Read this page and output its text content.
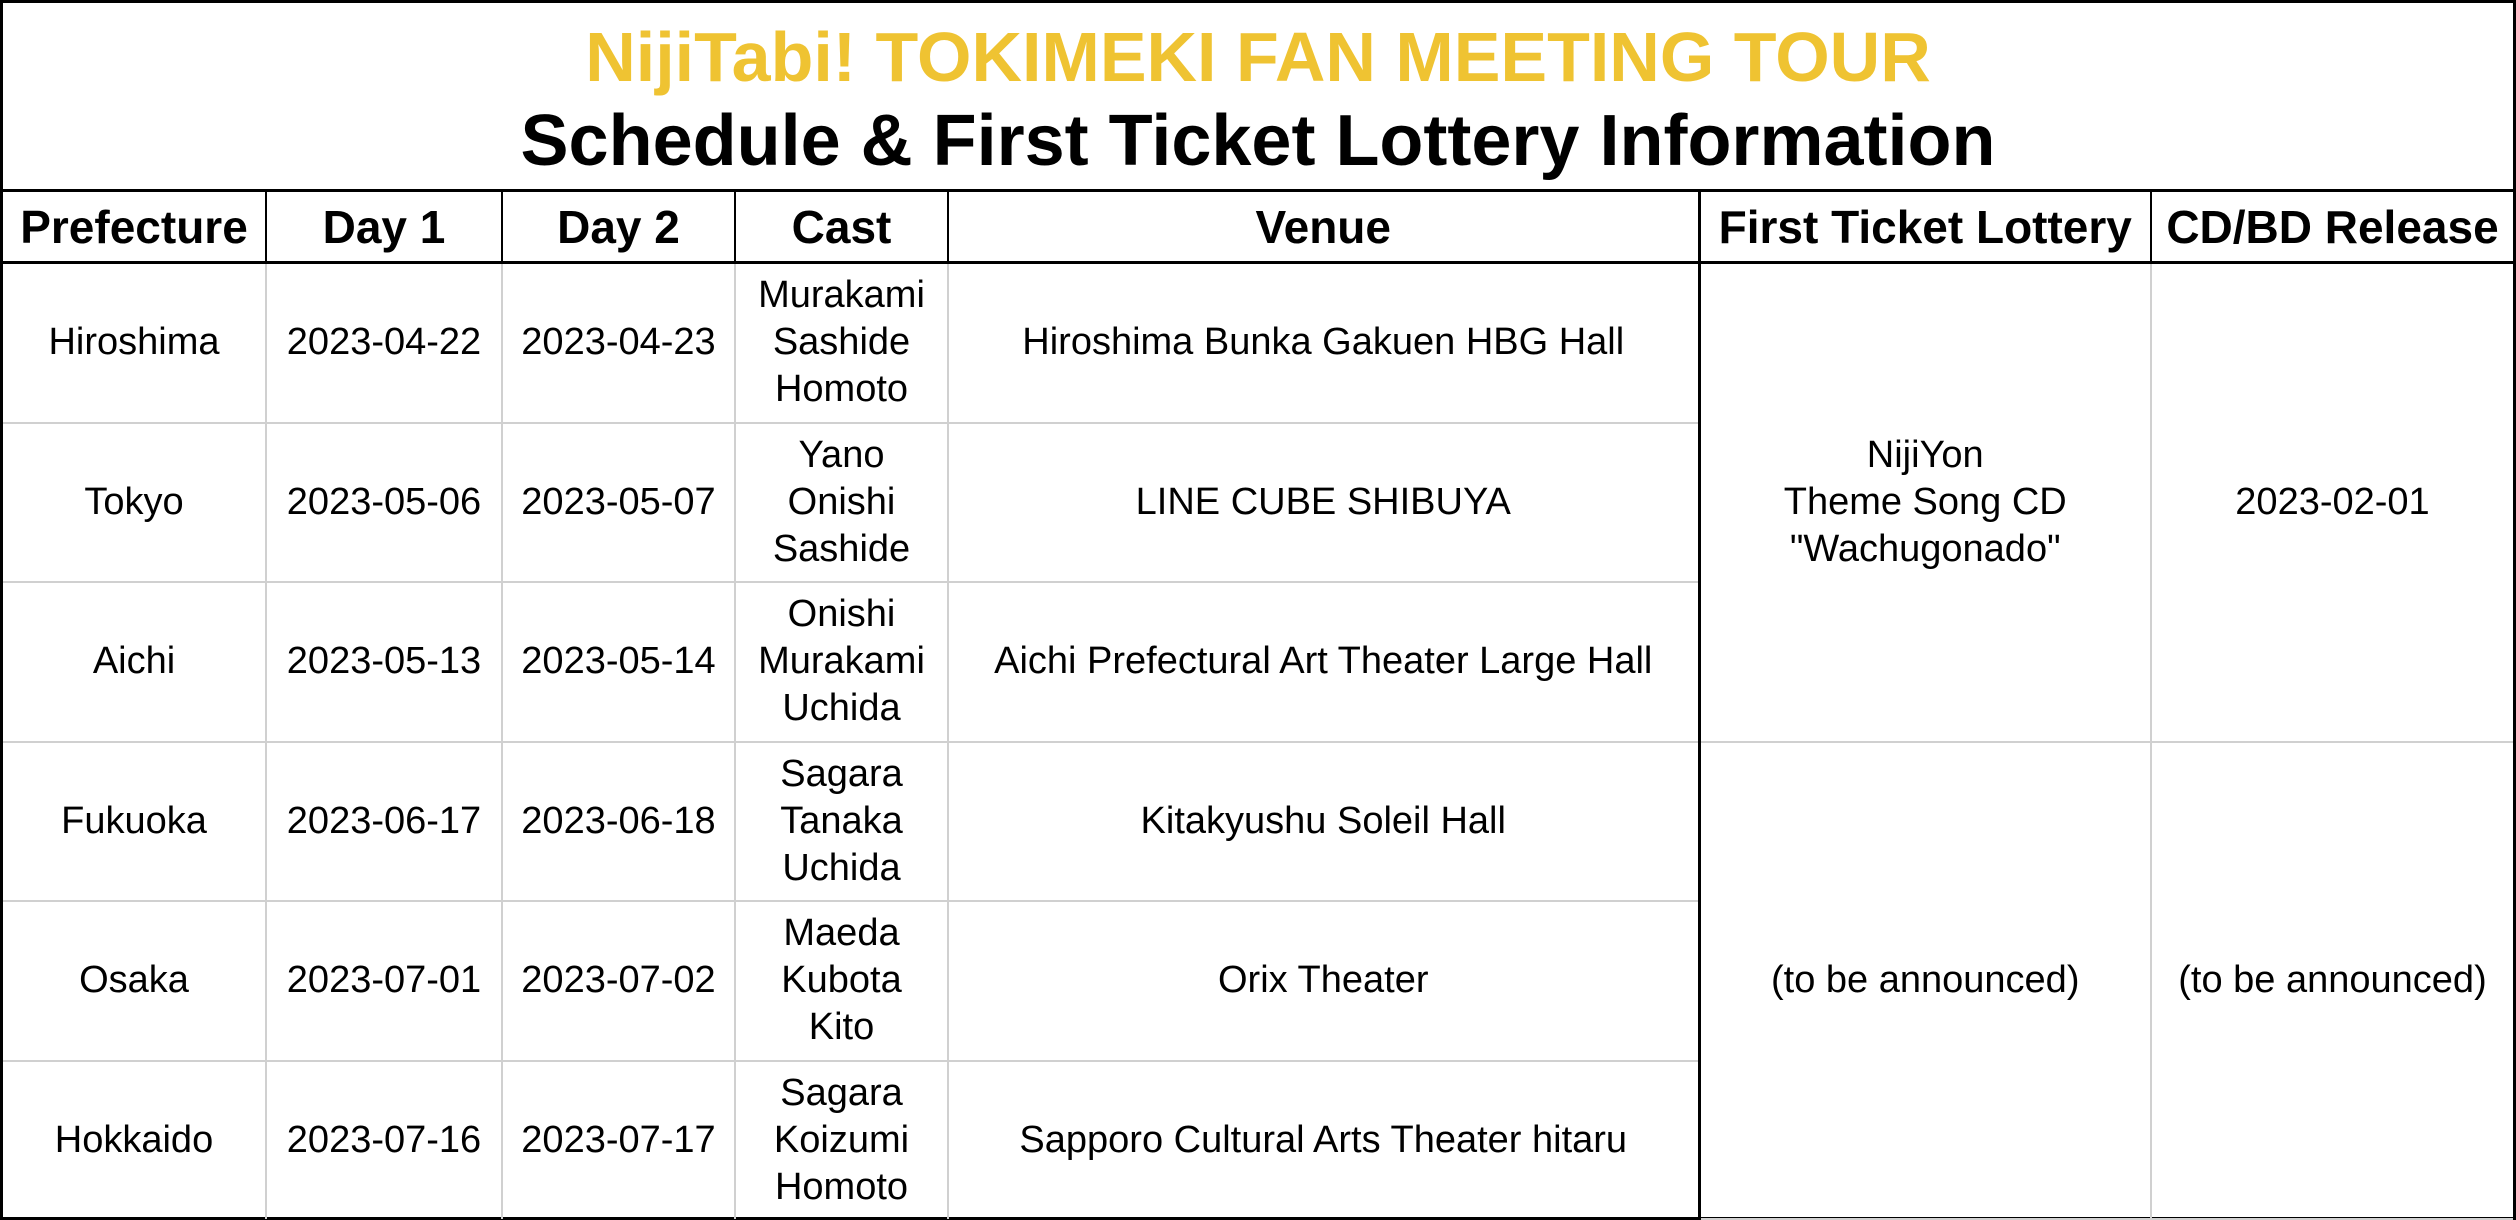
NijiTabi! TOKIMEKI FAN MEETING TOUR
Schedule & First Ticket Lottery Information
Prefecture	Day 1	Day 2	Cast	Venue	First Ticket Lottery	CD/BD Release
Hiroshima	2023-04-22	2023-04-23	Murakami
Sashide
Homoto	Hiroshima Bunka Gakuen HBG Hall	NijiYon
Theme Song CD
"Wachugonado"	2023-02-01
Tokyo	2023-05-06	2023-05-07	Yano
Onishi
Sashide	LINE CUBE SHIBUYA		
Aichi	2023-05-13	2023-05-14	Onishi
Murakami
Uchida	Aichi Prefectural Art Theater Large Hall		
Fukuoka	2023-06-17	2023-06-18	Sagara
Tanaka
Uchida	Kitakyushu Soleil Hall	(to be announced)	(to be announced)
Osaka	2023-07-01	2023-07-02	Maeda
Kubota
Kito	Orix Theater		
Hokkaido	2023-07-16	2023-07-17	Sagara
Koizumi
Homoto	Sapporo Cultural Arts Theater hitaru		
